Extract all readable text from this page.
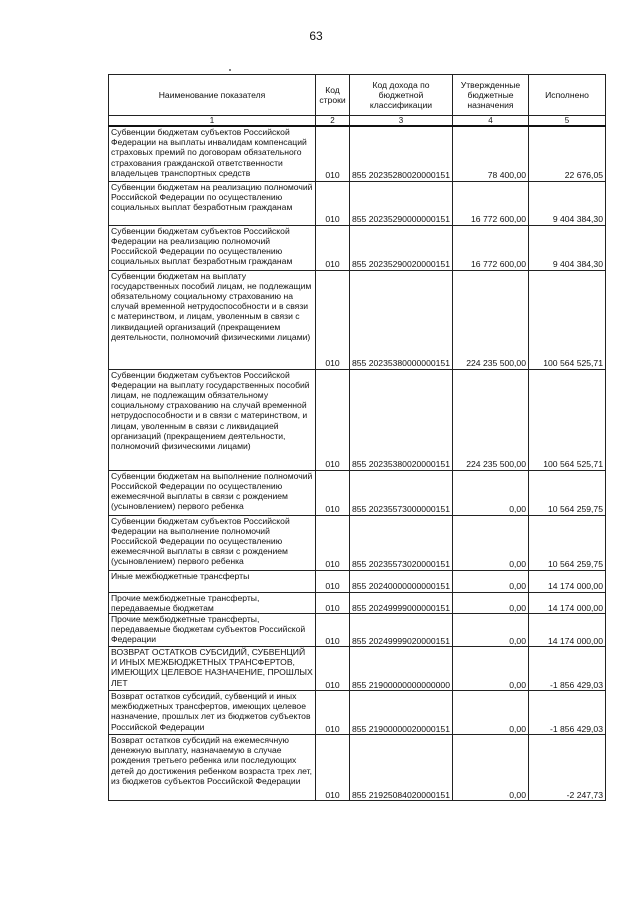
63
Наименование показателя	Код строки	Код дохода по бюджетной классификации	Утвержденные бюджетные назначения	Исполнено
1	2	3	4	5
Субвенции бюджетам субъектов Российской Федерации на выплаты инвалидам компенсаций страховых премий по договорам обязательного страхования гражданской ответственности владельцев транспортных средств	010	855 20235280020000151	78 400,00	22 676,05
Субвенции бюджетам на реализацию полномочий Российской Федерации по осуществлению социальных выплат безработным гражданам	010	855 20235290000000151	16 772 600,00	9 404 384,30
Субвенции бюджетам субъектов Российской Федерации на реализацию полномочий Российской Федерации по осуществлению социальных выплат безработным гражданам	010	855 20235290020000151	16 772 600,00	9 404 384,30
Субвенции бюджетам на выплату государственных пособий лицам, не подлежащим обязательному социальному страхованию на случай временной нетрудоспособности и в связи с материнством, и лицам, уволенным в связи с ликвидацией организаций (прекращением деятельности, полномочий физическими лицами)	010	855 20235380000000151	224 235 500,00	100 564 525,71
Субвенции бюджетам субъектов Российской Федерации на выплату государственных пособий лицам, не подлежащим обязательному социальному страхованию на случай временной нетрудоспособности и в связи с материнством, и лицам, уволенным в связи с ликвидацией организаций (прекращением деятельности, полномочий физическими лицами)	010	855 20235380020000151	224 235 500,00	100 564 525,71
Субвенции бюджетам на выполнение полномочий Российской Федерации по осуществлению ежемесячной выплаты в связи с рождением (усыновлением) первого ребенка	010	855 20235573000000151	0,00	10 564 259,75
Субвенции бюджетам субъектов Российской Федерации на выполнение полномочий Российской Федерации по осуществлению ежемесячной выплаты в связи с рождением (усыновлением) первого ребенка	010	855 20235573020000151	0,00	10 564 259,75
Иные межбюджетные трансферты	010	855 20240000000000151	0,00	14 174 000,00
Прочие межбюджетные трансферты, передаваемые бюджетам	010	855 20249999000000151	0,00	14 174 000,00
Прочие межбюджетные трансферты, передаваемые бюджетам субъектов Российской Федерации	010	855 20249999020000151	0,00	14 174 000,00
ВОЗВРАТ ОСТАТКОВ СУБСИДИЙ, СУБВЕНЦИЙ И ИНЫХ МЕЖБЮДЖЕТНЫХ ТРАНСФЕРТОВ, ИМЕЮЩИХ ЦЕЛЕВОЕ НАЗНАЧЕНИЕ, ПРОШЛЫХ ЛЕТ	010	855 21900000000000000	0,00	-1 856 429,03
Возврат остатков субсидий, субвенций и иных межбюджетных трансфертов, имеющих целевое назначение, прошлых лет из бюджетов субъектов Российской Федерации	010	855 21900000020000151	0,00	-1 856 429,03
Возврат остатков субсидий на ежемесячную денежную выплату, назначаемую в случае рождения третьего ребенка или последующих детей до достижения ребенком возраста трех лет, из бюджетов субъектов Российской Федерации	010	855 21925084020000151	0,00	-2 247,73
